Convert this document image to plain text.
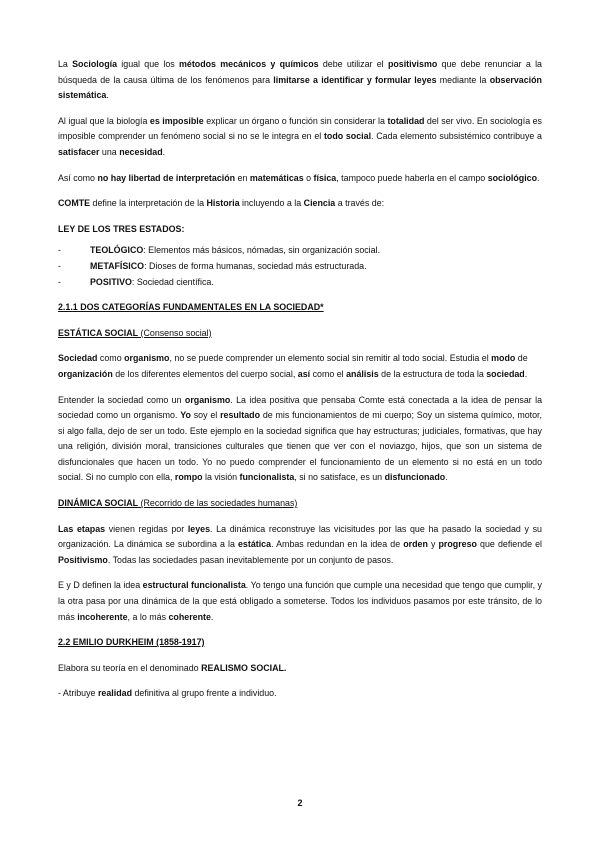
La Sociología igual que los métodos mecánicos y químicos debe utilizar el positivismo que debe renunciar a la búsqueda de la causa última de los fenómenos para limitarse a identificar y formular leyes mediante la observación sistemática.

Al igual que la biología es imposible explicar un órgano o función sin considerar la totalidad del ser vivo. En sociología es imposible comprender un fenómeno social si no se le integra en el todo social. Cada elemento subsistémico contribuye a satisfacer una necesidad.

Así como no hay libertad de interpretación en matemáticas o física, tampoco puede haberla en el campo sociológico.

COMTE define la interpretación de la Historia incluyendo a la Ciencia a través de:

LEY DE LOS TRES ESTADOS:

-	TEOLÓGICO: Elementos más básicos, nómadas, sin organización social.
-	METAFÍSICO: Dioses de forma humanas, sociedad más estructurada.
-	POSITIVO: Sociedad científica.

2.1.1 DOS CATEGORÍAS FUNDAMENTALES EN LA SOCIEDAD*

ESTÁTICA SOCIAL (Consenso social)

Sociedad como organismo, no se puede comprender un elemento social sin remitir al todo social. Estudia el modo de organización de los diferentes elementos del cuerpo social, así como el análisis de la estructura de toda la sociedad.

Entender la sociedad como un organismo. La idea positiva que pensaba Comte está conectada a la idea de pensar la sociedad como un organismo. Yo soy el resultado de mis funcionamientos de mi cuerpo; Soy un sistema químico, motor, si algo falla, dejo de ser un todo. Este ejemplo en la sociedad significa que hay estructuras; judiciales, formativas, que hay una religión, división moral, transiciones culturales que tienen que ver con el noviazgo, hijos, que son un sistema de disfuncionales que hacen un todo. Yo no puedo comprender el funcionamiento de un elemento si no está en un todo social. Si no cumplo con ella, rompo la visión funcionalista, si no satisface, es un disfuncionado.

DINÁMICA SOCIAL (Recorrido de las sociedades humanas)

Las etapas vienen regidas por leyes. La dinámica reconstruye las vicisitudes por las que ha pasado la sociedad y su organización. La dinámica se subordina a la estática. Ambas redundan en la idea de orden y progreso que defiende el Positivismo. Todas las sociedades pasan inevitablemente por un conjunto de pasos.

E y D definen la idea estructural funcionalista. Yo tengo una función que cumple una necesidad que tengo que cumplir, y la otra pasa por una dinámica de la que está obligado a someterse. Todos los individuos pasamos por este tránsito, de lo más incoherente, a lo más coherente.

2.2 EMILIO DURKHEIM (1858-1917)

Elabora su teoría en el denominado REALISMO SOCIAL.

- Atribuye realidad definitiva al grupo frente a individuo.

2
